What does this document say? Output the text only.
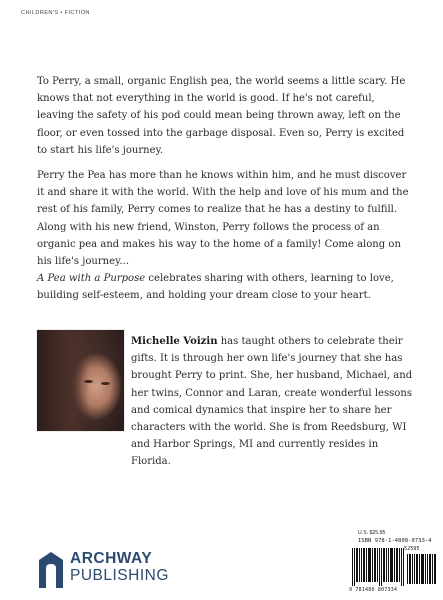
CHILDREN'S • FICTION

To Perry, a small, organic English pea, the world seems a little scary. He knows that not everything in the world is good. If he's not careful, leaving the safety of his pod could mean being thrown away, left on the floor, or even tossed into the garbage disposal. Even so, Perry is excited to start his life's journey.

Perry the Pea has more than he knows within him, and he must discover it and share it with the world. With the help and love of his mum and the rest of his family, Perry comes to realize that he has a destiny to fulfill. Along with his new friend, Winston, Perry follows the process of an organic pea and makes his way to the home of a family! Come along on his life's journey...

A Pea with a Purpose celebrates sharing with others, learning to love, building self-esteem, and holding your dream close to your heart.

Michelle Voizin has taught others to celebrate their gifts. It is through her own life's journey that she has brought Perry to print. She, her husband, Michael, and her twins, Connor and Laran, create wonderful lessons and comical dynamics that inspire her to share her characters with the world. She is from Reedsburg, WI and Harbor Springs, MI and currently resides in Florida.

U.S. $25.95
ISBN 978-1-4808-0733-4
52595
9 781480 807334
ARCHWAY
PUBLISHING
